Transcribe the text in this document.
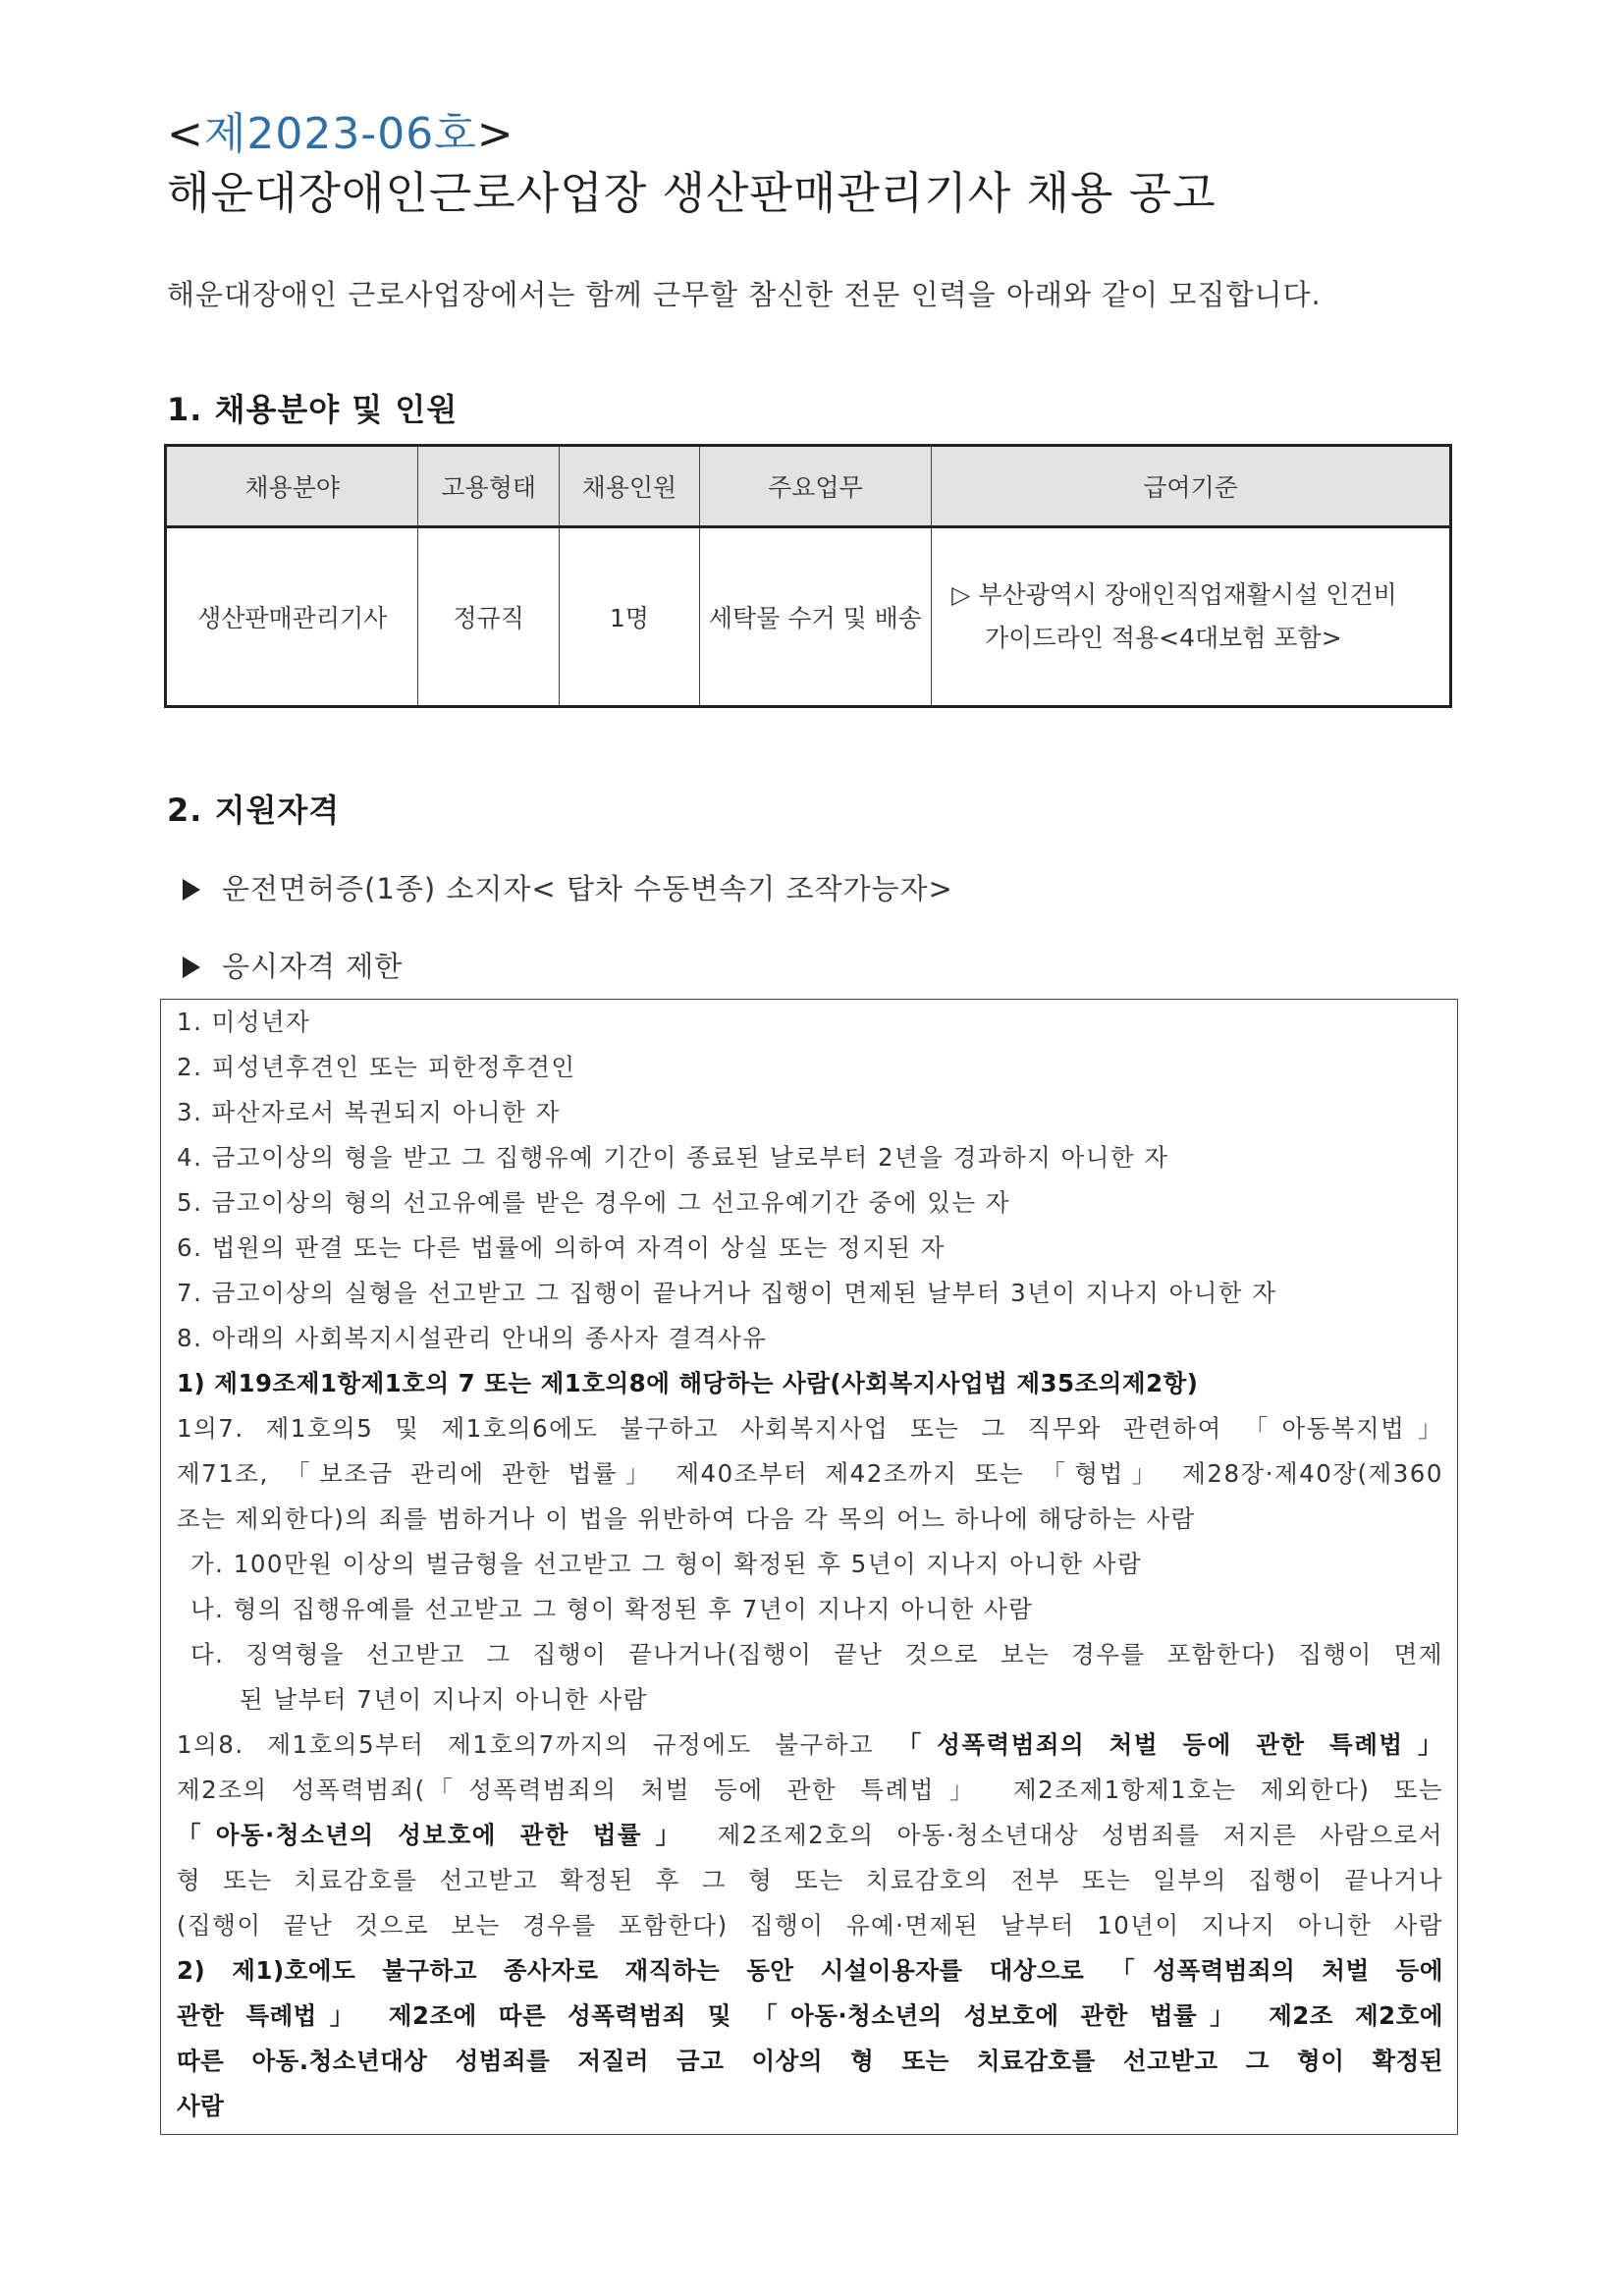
<제2023-06호>
해운대장애인근로사업장 생산판매관리기사 채용 공고
해운대장애인 근로사업장에서는 함께 근무할 참신한 전문 인력을 아래와 같이 모집합니다.
1. 채용분야 및 인원
채용분야	고용형태	채용인원	주요업무	급여기준
생산판매관리기사	정규직	1명	세탁물 수거 및 배송	▷ 부산광역시 장애인직업재활시설 인건비
가이드라인 적용<4대보험 포함>
2. 지원자격
운전면허증(1종) 소지자< 탑차 수동변속기 조작가능자>
응시자격 제한
1. 미성년자
2. 피성년후견인 또는 피한정후견인
3. 파산자로서 복권되지 아니한 자
4. 금고이상의 형을 받고 그 집행유예 기간이 종료된 날로부터 2년을 경과하지 아니한 자
5. 금고이상의 형의 선고유예를 받은 경우에 그 선고유예기간 중에 있는 자
6. 법원의 판결 또는 다른 법률에 의하여 자격이 상실 또는 정지된 자
7. 금고이상의 실형을 선고받고 그 집행이 끝나거나 집행이 면제된 날부터 3년이 지나지 아니한 자
8. 아래의 사회복지시설관리 안내의 종사자 결격사유
1) 제19조제1항제1호의 7 또는 제1호의8에 해당하는 사람(사회복지사업법 제35조의제2항)
1의7. 제1호의5 및 제1호의6에도 불구하고 사회복지사업 또는 그 직무와 관련하여 「아동복지법」
제71조, 「보조금 관리에 관한 법률」 제40조부터 제42조까지 또는 「형법」 제28장·제40장(제360
조는 제외한다)의 죄를 범하거나 이 법을 위반하여 다음 각 목의 어느 하나에 해당하는 사람
가. 100만원 이상의 벌금형을 선고받고 그 형이 확정된 후 5년이 지나지 아니한 사람
나. 형의 집행유예를 선고받고 그 형이 확정된 후 7년이 지나지 아니한 사람
다. 징역형을 선고받고 그 집행이 끝나거나(집행이 끝난 것으로 보는 경우를 포함한다) 집행이 면제
된 날부터 7년이 지나지 아니한 사람
1의8. 제1호의5부터 제1호의7까지의 규정에도 불구하고 「성폭력범죄의 처벌 등에 관한 특례법」
제2조의 성폭력범죄(「성폭력범죄의 처벌 등에 관한 특례법」 제2조제1항제1호는 제외한다) 또는
「아동·청소년의 성보호에 관한 법률」 제2조제2호의 아동·청소년대상 성범죄를 저지른 사람으로서
형 또는 치료감호를 선고받고 확정된 후 그 형 또는 치료감호의 전부 또는 일부의 집행이 끝나거나
(집행이 끝난 것으로 보는 경우를 포함한다) 집행이 유예·면제된 날부터 10년이 지나지 아니한 사람
2) 제1)호에도 불구하고 종사자로 재직하는 동안 시설이용자를 대상으로 「성폭력범죄의 처벌 등에
관한 특례법」 제2조에 따른 성폭력범죄 및 「아동·청소년의 성보호에 관한 법률」 제2조 제2호에
따른 아동.청소년대상 성범죄를 저질러 금고 이상의 형 또는 치료감호를 선고받고 그 형이 확정된
사람
